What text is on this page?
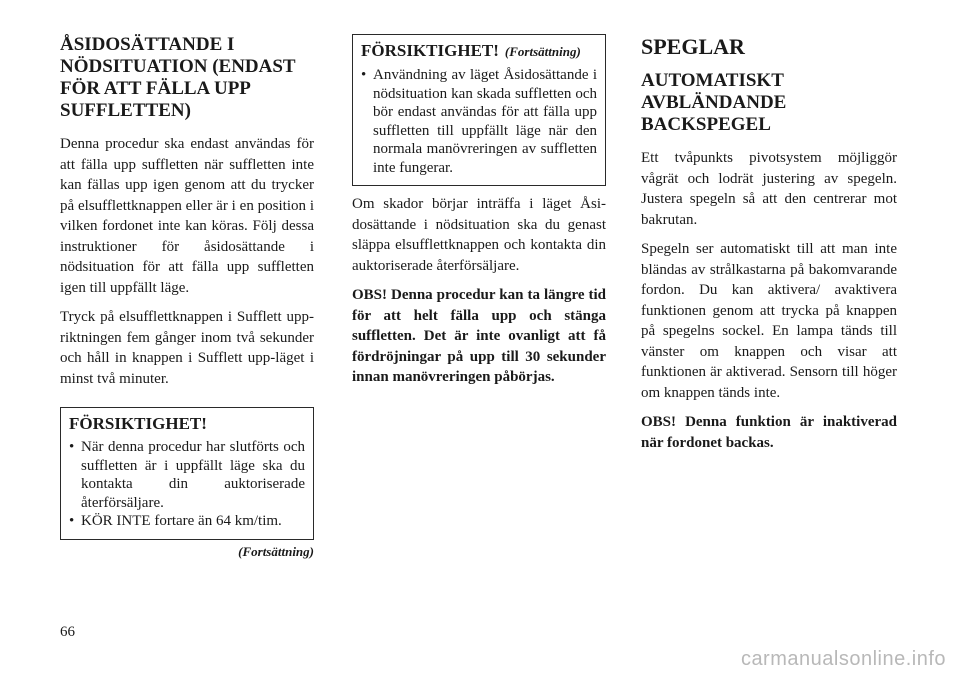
ÅSIDOSÄTTANDE I NÖDSITUATION (ENDAST FÖR ATT FÄLLA UPP SUFFLETTEN)

Denna procedur ska endast användas för att fälla upp suffletten när suffletten inte kan fällas upp igen genom att du trycker på elsufflettknappen eller är i en position i vilken fordonet inte kan köras. Följ dessa instruktioner för åsidosättande i nödsituation för att fälla upp suffletten igen till uppfällt läge.

Tryck på elsufflettknappen i Sufflett upp-riktningen fem gånger inom två sekunder och håll in knappen i Sufflett upp-läget i minst två minuter.

FÖRSIKTIGHET!
• När denna procedur har slutförts och suffletten är i uppfällt läge ska du kontakta din auktoriserade återförsäljare.
• KÖR INTE fortare än 64 km/tim.
(Fortsättning)
FÖRSIKTIGHET! (Fortsättning)
• Användning av läget Åsidosättande i nödsituation kan skada suffletten och bör endast användas för att fälla upp suffletten till uppfällt läge när den normala manövreringen av suffletten inte fungerar.

Om skador börjar inträffa i läget Åsidosättande i nödsituation ska du genast släppa elsufflettknappen och kontakta din auktoriserade återförsäljare.

OBS! Denna procedur kan ta längre tid för att helt fälla upp och stänga suffletten. Det är inte ovanligt att få fördröjningar på upp till 30 sekunder innan manövreringen påbörjas.

SPEGLAR
AUTOMATISKT AVBLÄNDANDE BACKSPEGEL

Ett tvåpunkts pivotsystem möjliggör vågrät och lodrät justering av spegeln. Justera spegeln så att den centrerar mot bakrutan.

Spegeln ser automatiskt till att man inte bländas av strålkastarna på bakomvarande fordon. Du kan aktivera/ avaktivera funktionen genom att trycka på knappen på spegelns sockel. En lampa tänds till vänster om knappen och visar att funktionen är aktiverad. Sensorn till höger om knappen tänds inte.

OBS! Denna funktion är inaktiverad när fordonet backas.

66
carmanualsonline.info
